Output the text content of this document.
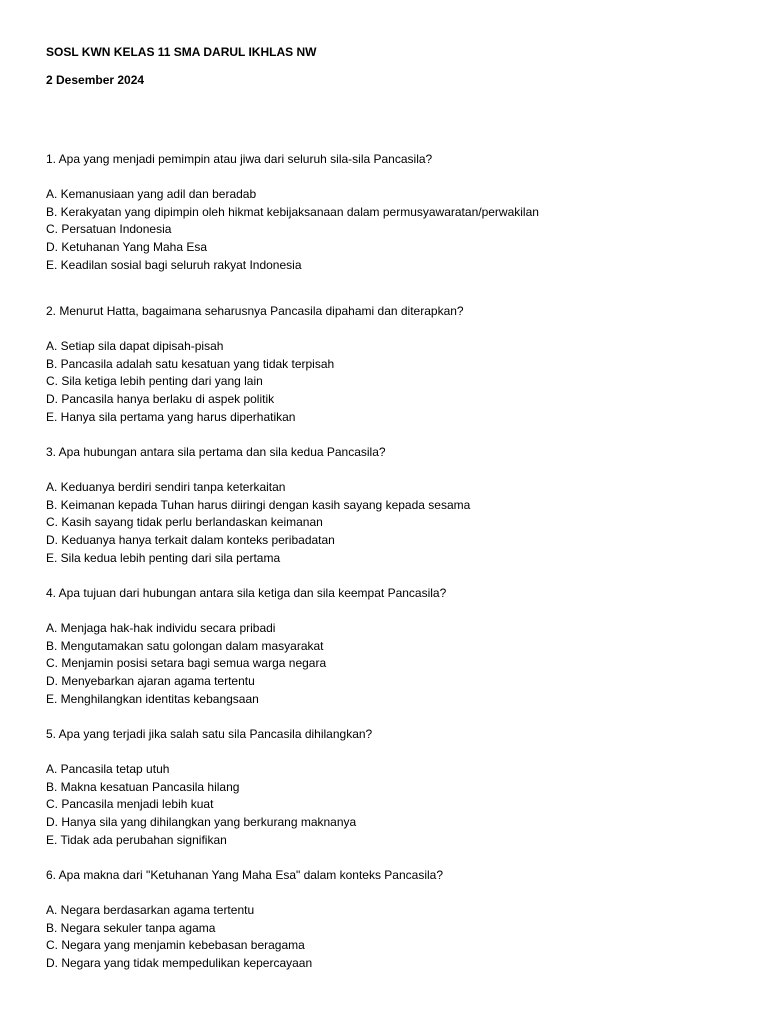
SOSL KWN KELAS 11 SMA DARUL IKHLAS NW
2 Desember 2024
1. Apa yang menjadi pemimpin atau jiwa dari seluruh sila-sila Pancasila?
A. Kemanusiaan yang adil dan beradab
B. Kerakyatan yang dipimpin oleh hikmat kebijaksanaan dalam permusyawaratan/perwakilan
C. Persatuan Indonesia
D. Ketuhanan Yang Maha Esa
E. Keadilan sosial bagi seluruh rakyat Indonesia
2. Menurut Hatta, bagaimana seharusnya Pancasila dipahami dan diterapkan?
A. Setiap sila dapat dipisah-pisah
B. Pancasila adalah satu kesatuan yang tidak terpisah
C. Sila ketiga lebih penting dari yang lain
D. Pancasila hanya berlaku di aspek politik
E. Hanya sila pertama yang harus diperhatikan
3. Apa hubungan antara sila pertama dan sila kedua Pancasila?
A. Keduanya berdiri sendiri tanpa keterkaitan
B. Keimanan kepada Tuhan harus diiringi dengan kasih sayang kepada sesama
C. Kasih sayang tidak perlu berlandaskan keimanan
D. Keduanya hanya terkait dalam konteks peribadatan
E. Sila kedua lebih penting dari sila pertama
4. Apa tujuan dari hubungan antara sila ketiga dan sila keempat Pancasila?
A. Menjaga hak-hak individu secara pribadi
B. Mengutamakan satu golongan dalam masyarakat
C. Menjamin posisi setara bagi semua warga negara
D. Menyebarkan ajaran agama tertentu
E. Menghilangkan identitas kebangsaan
5. Apa yang terjadi jika salah satu sila Pancasila dihilangkan?
A. Pancasila tetap utuh
B. Makna kesatuan Pancasila hilang
C. Pancasila menjadi lebih kuat
D. Hanya sila yang dihilangkan yang berkurang maknanya
E. Tidak ada perubahan signifikan
6. Apa makna dari "Ketuhanan Yang Maha Esa" dalam konteks Pancasila?
A. Negara berdasarkan agama tertentu
B. Negara sekuler tanpa agama
C. Negara yang menjamin kebebasan beragama
D. Negara yang tidak mempedulikan kepercayaan
